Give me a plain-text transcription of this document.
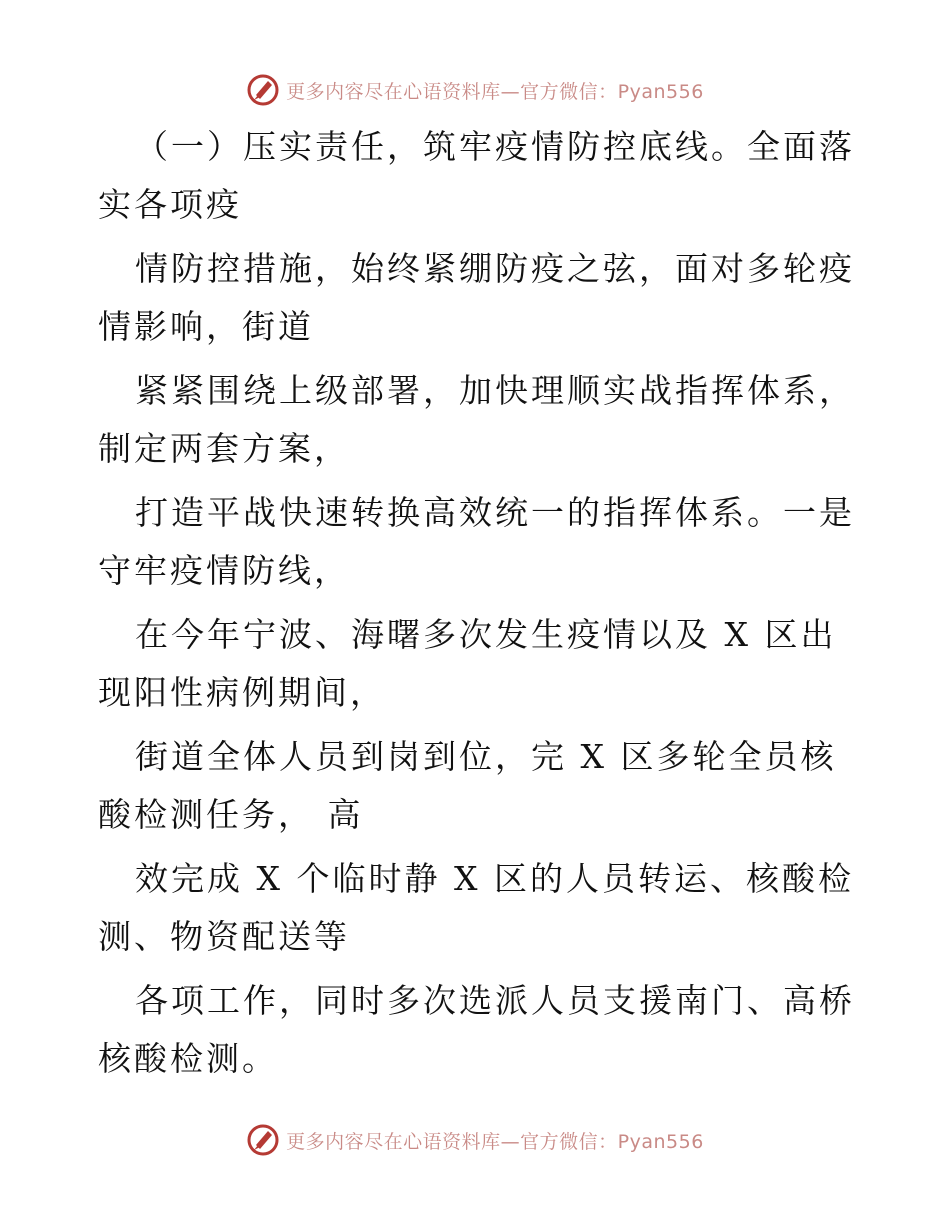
更多内容尽在心语资料库—官方微信：Pyan556

（一）压实责任，筑牢疫情防控底线。全面落实各项疫

情防控措施，始终紧绷防疫之弦，面对多轮疫情影响，街道

紧紧围绕上级部署，加快理顺实战指挥体系，制定两套方案，

打造平战快速转换高效统一的指挥体系。一是守牢疫情防线，

在今年宁波、海曙多次发生疫情以及 X 区出现阳性病例期间，

街道全体人员到岗到位，完 X 区多轮全员核酸检测任务， 高

效完成 X 个临时静 X 区的人员转运、核酸检测、物资配送等

各项工作，同时多次选派人员支援南门、高桥核酸检测。

更多内容尽在心语资料库—官方微信：Pyan556
